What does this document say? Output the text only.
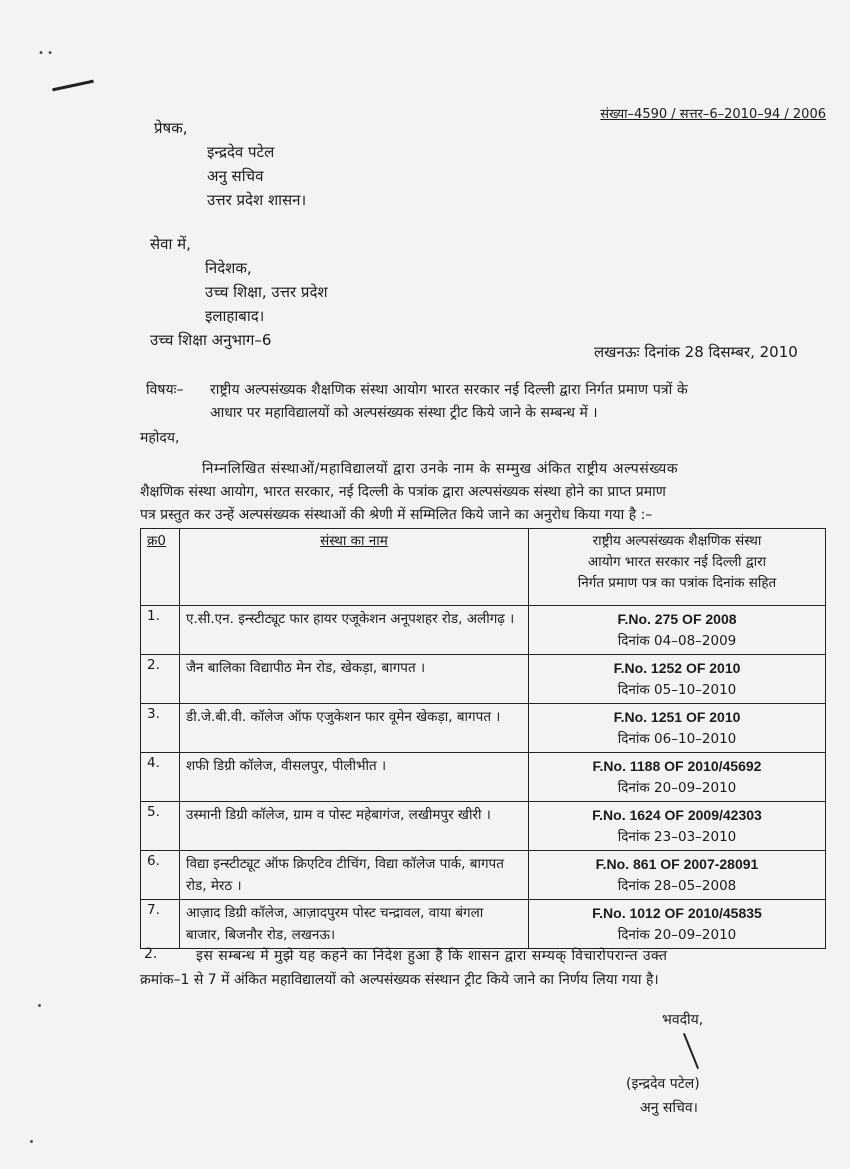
• •
संख्या–4590 / सत्तर–6–2010–94 / 2006
प्रेषक,
इन्द्रदेव पटेल
अनु सचिव
उत्तर प्रदेश शासन।
सेवा में,
निदेशक,
उच्च शिक्षा, उत्तर प्रदेश
इलाहाबाद।
उच्च शिक्षा अनुभाग–6
लखनऊः दिनांक 28 दिसम्बर, 2010
विषयः– राष्ट्रीय अल्पसंख्यक शैक्षणिक संस्था आयोग भारत सरकार नई दिल्ली द्वारा निर्गत प्रमाण पत्रों के
आधार पर महाविद्यालयों को अल्पसंख्यक संस्था ट्रीट किये जाने के सम्बन्ध में ।
महोदय,
निम्नलिखित संस्थाओं/महाविद्यालयों द्वारा उनके नाम के सम्मुख अंकित राष्ट्रीय अल्पसंख्यक
शैक्षणिक संस्था आयोग, भारत सरकार, नई दिल्ली के पत्रांक द्वारा अल्पसंख्यक संस्था होने का प्राप्त प्रमाण
पत्र प्रस्तुत कर उन्हें अल्पसंख्यक संस्थाओं की श्रेणी में सम्मिलित किये जाने का अनुरोध किया गया है :–
क्र0	संस्था का नाम	राष्ट्रीय अल्पसंख्यक शैक्षणिक संस्था
आयोग भारत सरकार नई दिल्ली द्वारा
निर्गत प्रमाण पत्र का पत्रांक दिनांक सहित

1.	ए.सी.एन. इन्स्टीट्यूट फार हायर एजूकेशन अनूपशहर रोड, अलीगढ़ ।	F.No. 275 OF 2008
दिनांक 04–08–2009

2.	जैन बालिका विद्यापीठ मेन रोड, खेकड़ा, बागपत ।	F.No. 1252 OF 2010
दिनांक 05–10–2010

3.	डी.जे.बी.वी. कॉलेज ऑफ एजुकेशन फार वूमेन खेकड़ा, बागपत ।	F.No. 1251 OF 2010
दिनांक 06–10–2010

4.	शफी डिग्री कॉलेज, वीसलपुर, पीलीभीत ।	F.No. 1188 OF 2010/45692
दिनांक 20–09–2010

5.	उस्मानी डिग्री कॉलेज, ग्राम व पोस्ट महेबागंज, लखीमपुर खीरी ।	F.No. 1624 OF 2009/42303
दिनांक 23–03–2010

6.	विद्या इन्स्टीट्यूट ऑफ क्रिएटिव टीचिंग, विद्या कॉलेज पार्क, बागपत रोड, मेरठ ।	F.No. 861 OF 2007-28091
दिनांक 28–05–2008

7.	आज़ाद डिग्री कॉलेज, आज़ादपुरम पोस्ट चन्द्रावल, वाया बंगला बाजार, बिजनौर रोड, लखनऊ।	F.No. 1012 OF 2010/45835
दिनांक 20–09–2010
2.	इस सम्बन्ध में मुझे यह कहने का निदेश हुआ है कि शासन द्वारा सम्यक् विचारोपरान्त उक्त
क्रमांक–1 से 7 में अंकित महाविद्यालयों को अल्पसंख्यक संस्थान ट्रीट किये जाने का निर्णय लिया गया है।
भवदीय,
(इन्द्रदेव पटेल)
अनु सचिव।
